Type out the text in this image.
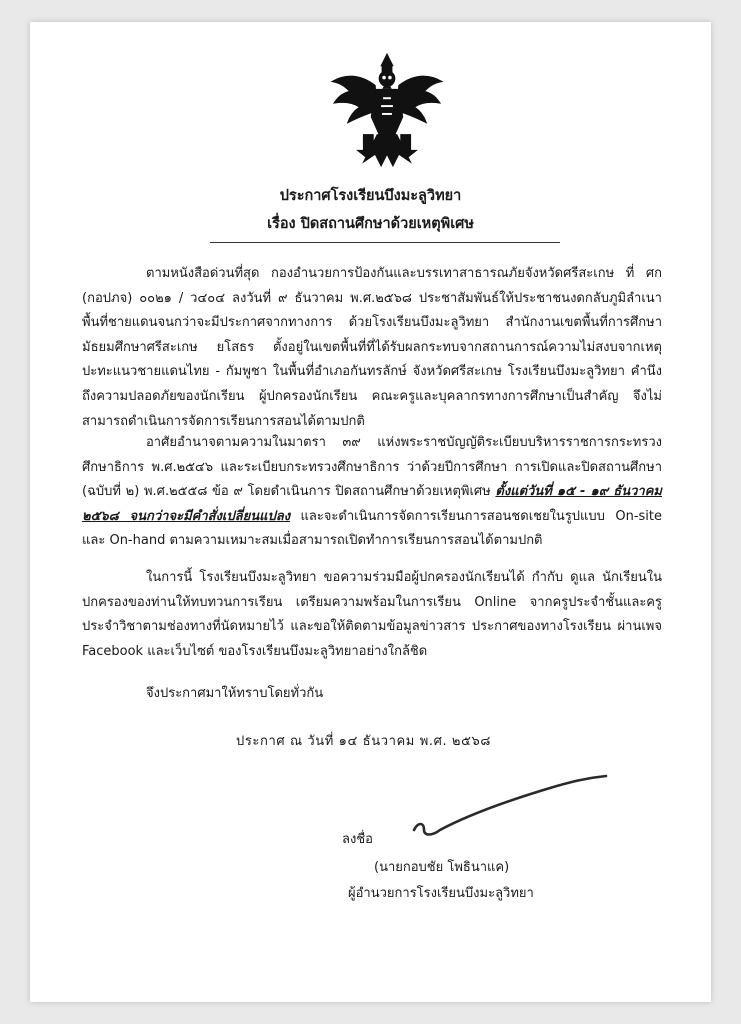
ประกาศโรงเรียนบึงมะลูวิทยา
เรื่อง ปิดสถานศึกษาด้วยเหตุพิเศษ

ตามหนังสือด่วนที่สุด กองอำนวยการป้องกันและบรรเทาสาธารณภัยจังหวัดศรีสะเกษ ที่ ศก (กอปภจ) ๐๐๒๑ / ว๔๐๔ ลงวันที่ ๙ ธันวาคม พ.ศ.๒๕๖๘ ประชาสัมพันธ์ให้ประชาชนงดกลับภูมิลำเนาพื้นที่ชายแดนจนกว่าจะมีประกาศจากทางการ ด้วยโรงเรียนบึงมะลูวิทยา สำนักงานเขตพื้นที่การศึกษามัธยมศึกษาศรีสะเกษ ยโสธร ตั้งอยู่ในเขตพื้นที่ที่ได้รับผลกระทบจากสถานการณ์ความไม่สงบจากเหตุปะทะแนวชายแดนไทย - กัมพูชา ในพื้นที่อำเภอกันทรลักษ์ จังหวัดศรีสะเกษ โรงเรียนบึงมะลูวิทยา คำนึงถึงความปลอดภัยของนักเรียน ผู้ปกครองนักเรียน คณะครูและบุคลากรทางการศึกษาเป็นสำคัญ จึงไม่สามารถดำเนินการจัดการเรียนการสอนได้ตามปกติ

อาศัยอำนาจตามความในมาตรา ๓๙ แห่งพระราชบัญญัติระเบียบบริหารราชการกระทรวงศึกษาธิการ พ.ศ.๒๕๔๖ และระเบียบกระทรวงศึกษาธิการ ว่าด้วยปีการศึกษา การเปิดและปิดสถานศึกษา (ฉบับที่ ๒) พ.ศ.๒๕๕๘ ข้อ ๙ โดยดำเนินการ ปิดสถานศึกษาด้วยเหตุพิเศษ ตั้งแต่วันที่ ๑๕ - ๑๙ ธันวาคม ๒๕๖๘ จนกว่าจะมีคำสั่งเปลี่ยนแปลง และจะดำเนินการจัดการเรียนการสอนชดเชยในรูปแบบ On-site และ On-hand ตามความเหมาะสมเมื่อสามารถเปิดทำการเรียนการสอนได้ตามปกติ

ในการนี้ โรงเรียนบึงมะลูวิทยา ขอความร่วมมือผู้ปกครองนักเรียนได้ กำกับ ดูแล นักเรียนในปกครองของท่านให้ทบทวนการเรียน เตรียมความพร้อมในการเรียน Online จากครูประจำชั้นและครูประจำวิชาตามช่องทางที่นัดหมายไว้ และขอให้ติดตามข้อมูลข่าวสาร ประกาศของทางโรงเรียน ผ่านเพจ Facebook และเว็บไซต์ ของโรงเรียนบึงมะลูวิทยาอย่างใกล้ชิด

จึงประกาศมาให้ทราบโดยทั่วกัน

ประกาศ ณ วันที่ ๑๔ ธันวาคม พ.ศ. ๒๕๖๘
ลงชื่อ
(นายกอบชัย โพธินาแค)
ผู้อำนวยการโรงเรียนบึงมะลูวิทยา
